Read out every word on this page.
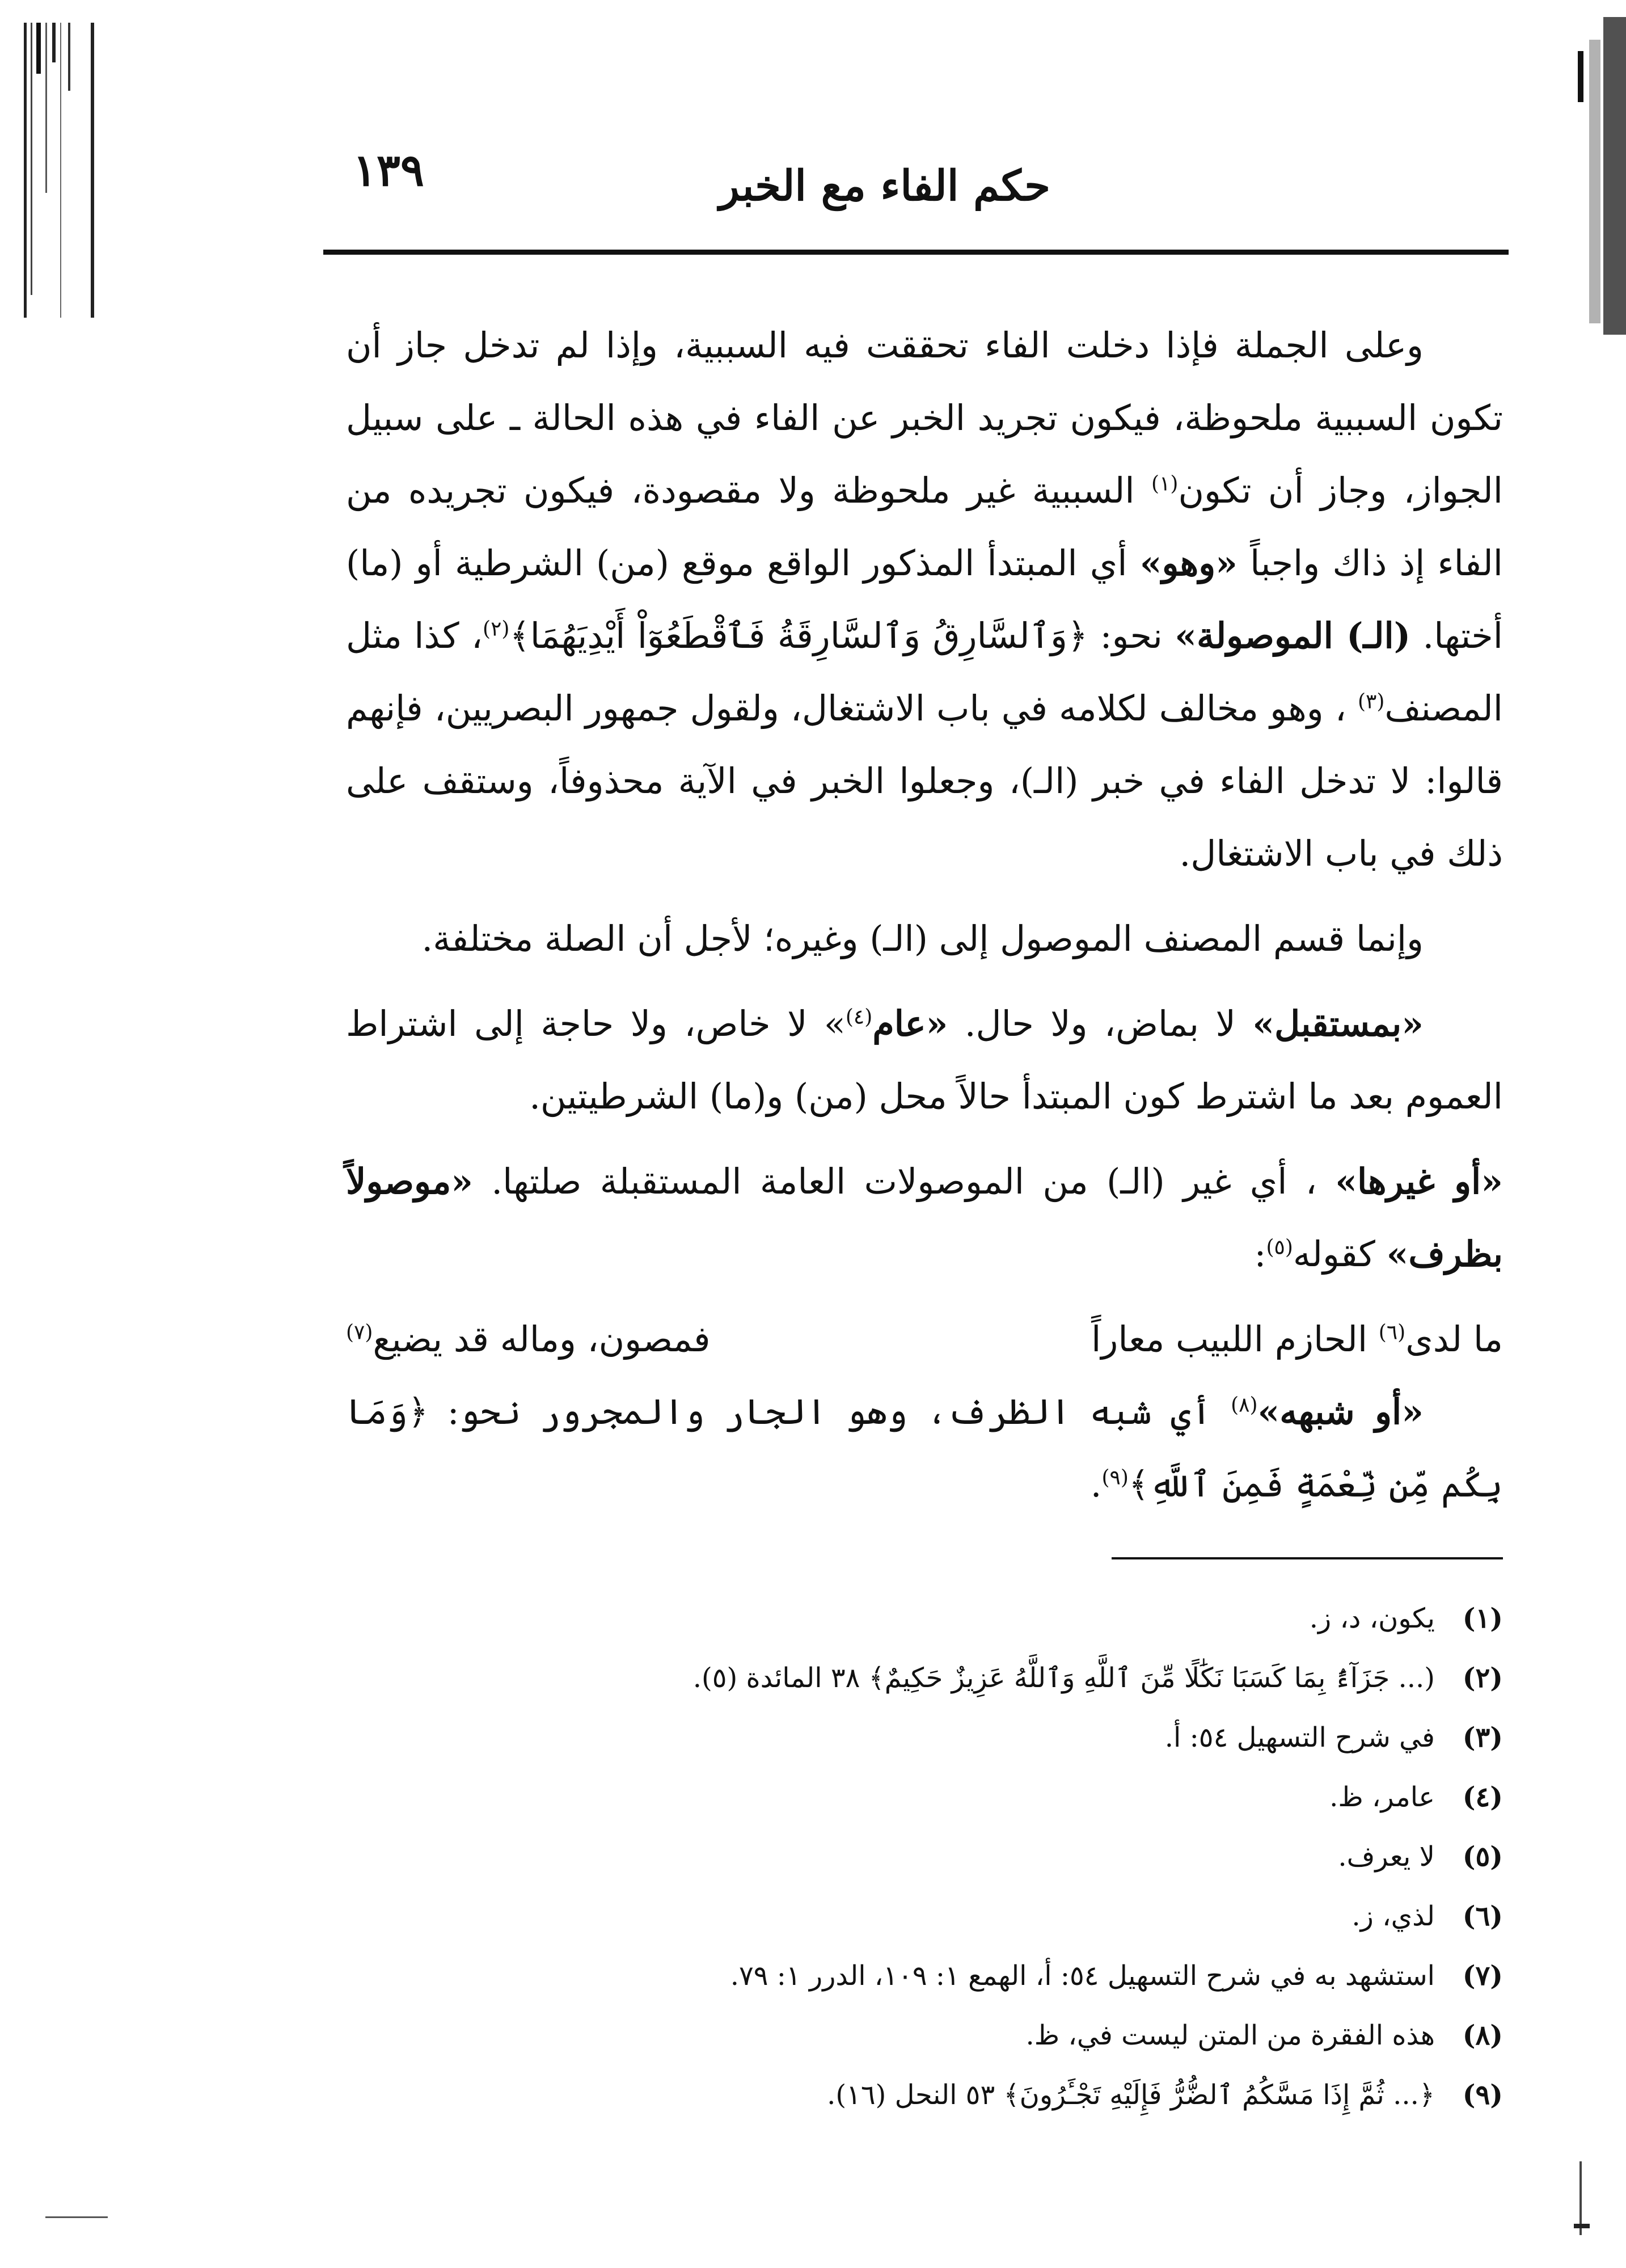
١٣٩	حكم الفاء مع الخبر

وعلى الجملة فإذا دخلت الفاء تحققت فيه السببية، وإذا لم تدخل جاز أن تكون السببية ملحوظة، فيكون تجريد الخبر عن الفاء في هذه الحالة ـ على سبيل الجواز، وجاز أن تكون$^{(١)}$ السببية غير ملحوظة ولا مقصودة، فيكون تجريده من الفاء إذ ذاك واجباً «وهو» أي المبتدأ المذكور الواقع موقع (من) الشرطية أو (ما) أختها. (الـ) الموصولة» نحو: ﴿وَٱلسَّارِقُ وَٱلسَّارِقَةُ فَٱقْطَعُوٓاْ أَيْدِيَهُمَا﴾$^{(٢)}$، كذا مثل المصنف$^{(٣)}$ ، وهو مخالف لكلامه في باب الاشتغال، ولقول جمهور البصريين، فإنهم قالوا: لا تدخل الفاء في خبر (الـ)، وجعلوا الخبر في الآية محذوفاً، وستقف على ذلك في باب الاشتغال.

وإنما قسم المصنف الموصول إلى (الـ) وغيره؛ لأجل أن الصلة مختلفة.

«بمستقبل» لا بماض، ولا حال. «عام$^{(٤)}$» لا خاص، ولا حاجة إلى اشتراط العموم بعد ما اشترط كون المبتدأ حالاً محل (من) و(ما) الشرطيتين.

«أو غيرها» ، أي غير (الـ) من الموصولات العامة المستقبلة صلتها. «موصولاً بظرف» كقوله$^{(٥)}$:

ما لدى$^{(٦)}$ الحازم اللبيب معاراً
فمصون، وماله قد يضيع$^{(٧)}$

«أو شبهه»$^{(٨)}$ أي شبه الظرف، وهو الجار والمجرور نحو: ﴿وَمَا بِكُم مِّن نِّعْمَةٍ فَمِنَ ٱللَّهِ﴾$^{(٩)}$.

(١)
يكون، د، ز.
(٢)
(... جَزَآءًۢ بِمَا كَسَبَا نَكَٰلًا مِّنَ ٱللَّهِ وَٱللَّهُ عَزِيزٌ حَكِيمٌ﴾ ٣٨ المائدة (٥).
(٣)
في شرح التسهيل ٥٤: أ.
(٤)
عامر، ظ.
(٥)
لا يعرف.
(٦)
لذي، ز.
(٧)
استشهد به في شرح التسهيل ٥٤: أ، الهمع ١: ١٠٩، الدرر ١: ٧٩.
(٨)
هذه الفقرة من المتن ليست في، ظ.
(٩)
﴿... ثُمَّ إِذَا مَسَّكُمُ ٱلضُّرُّ فَإِلَيْهِ تَجْـَٔرُونَ﴾ ٥٣ النحل (١٦).
